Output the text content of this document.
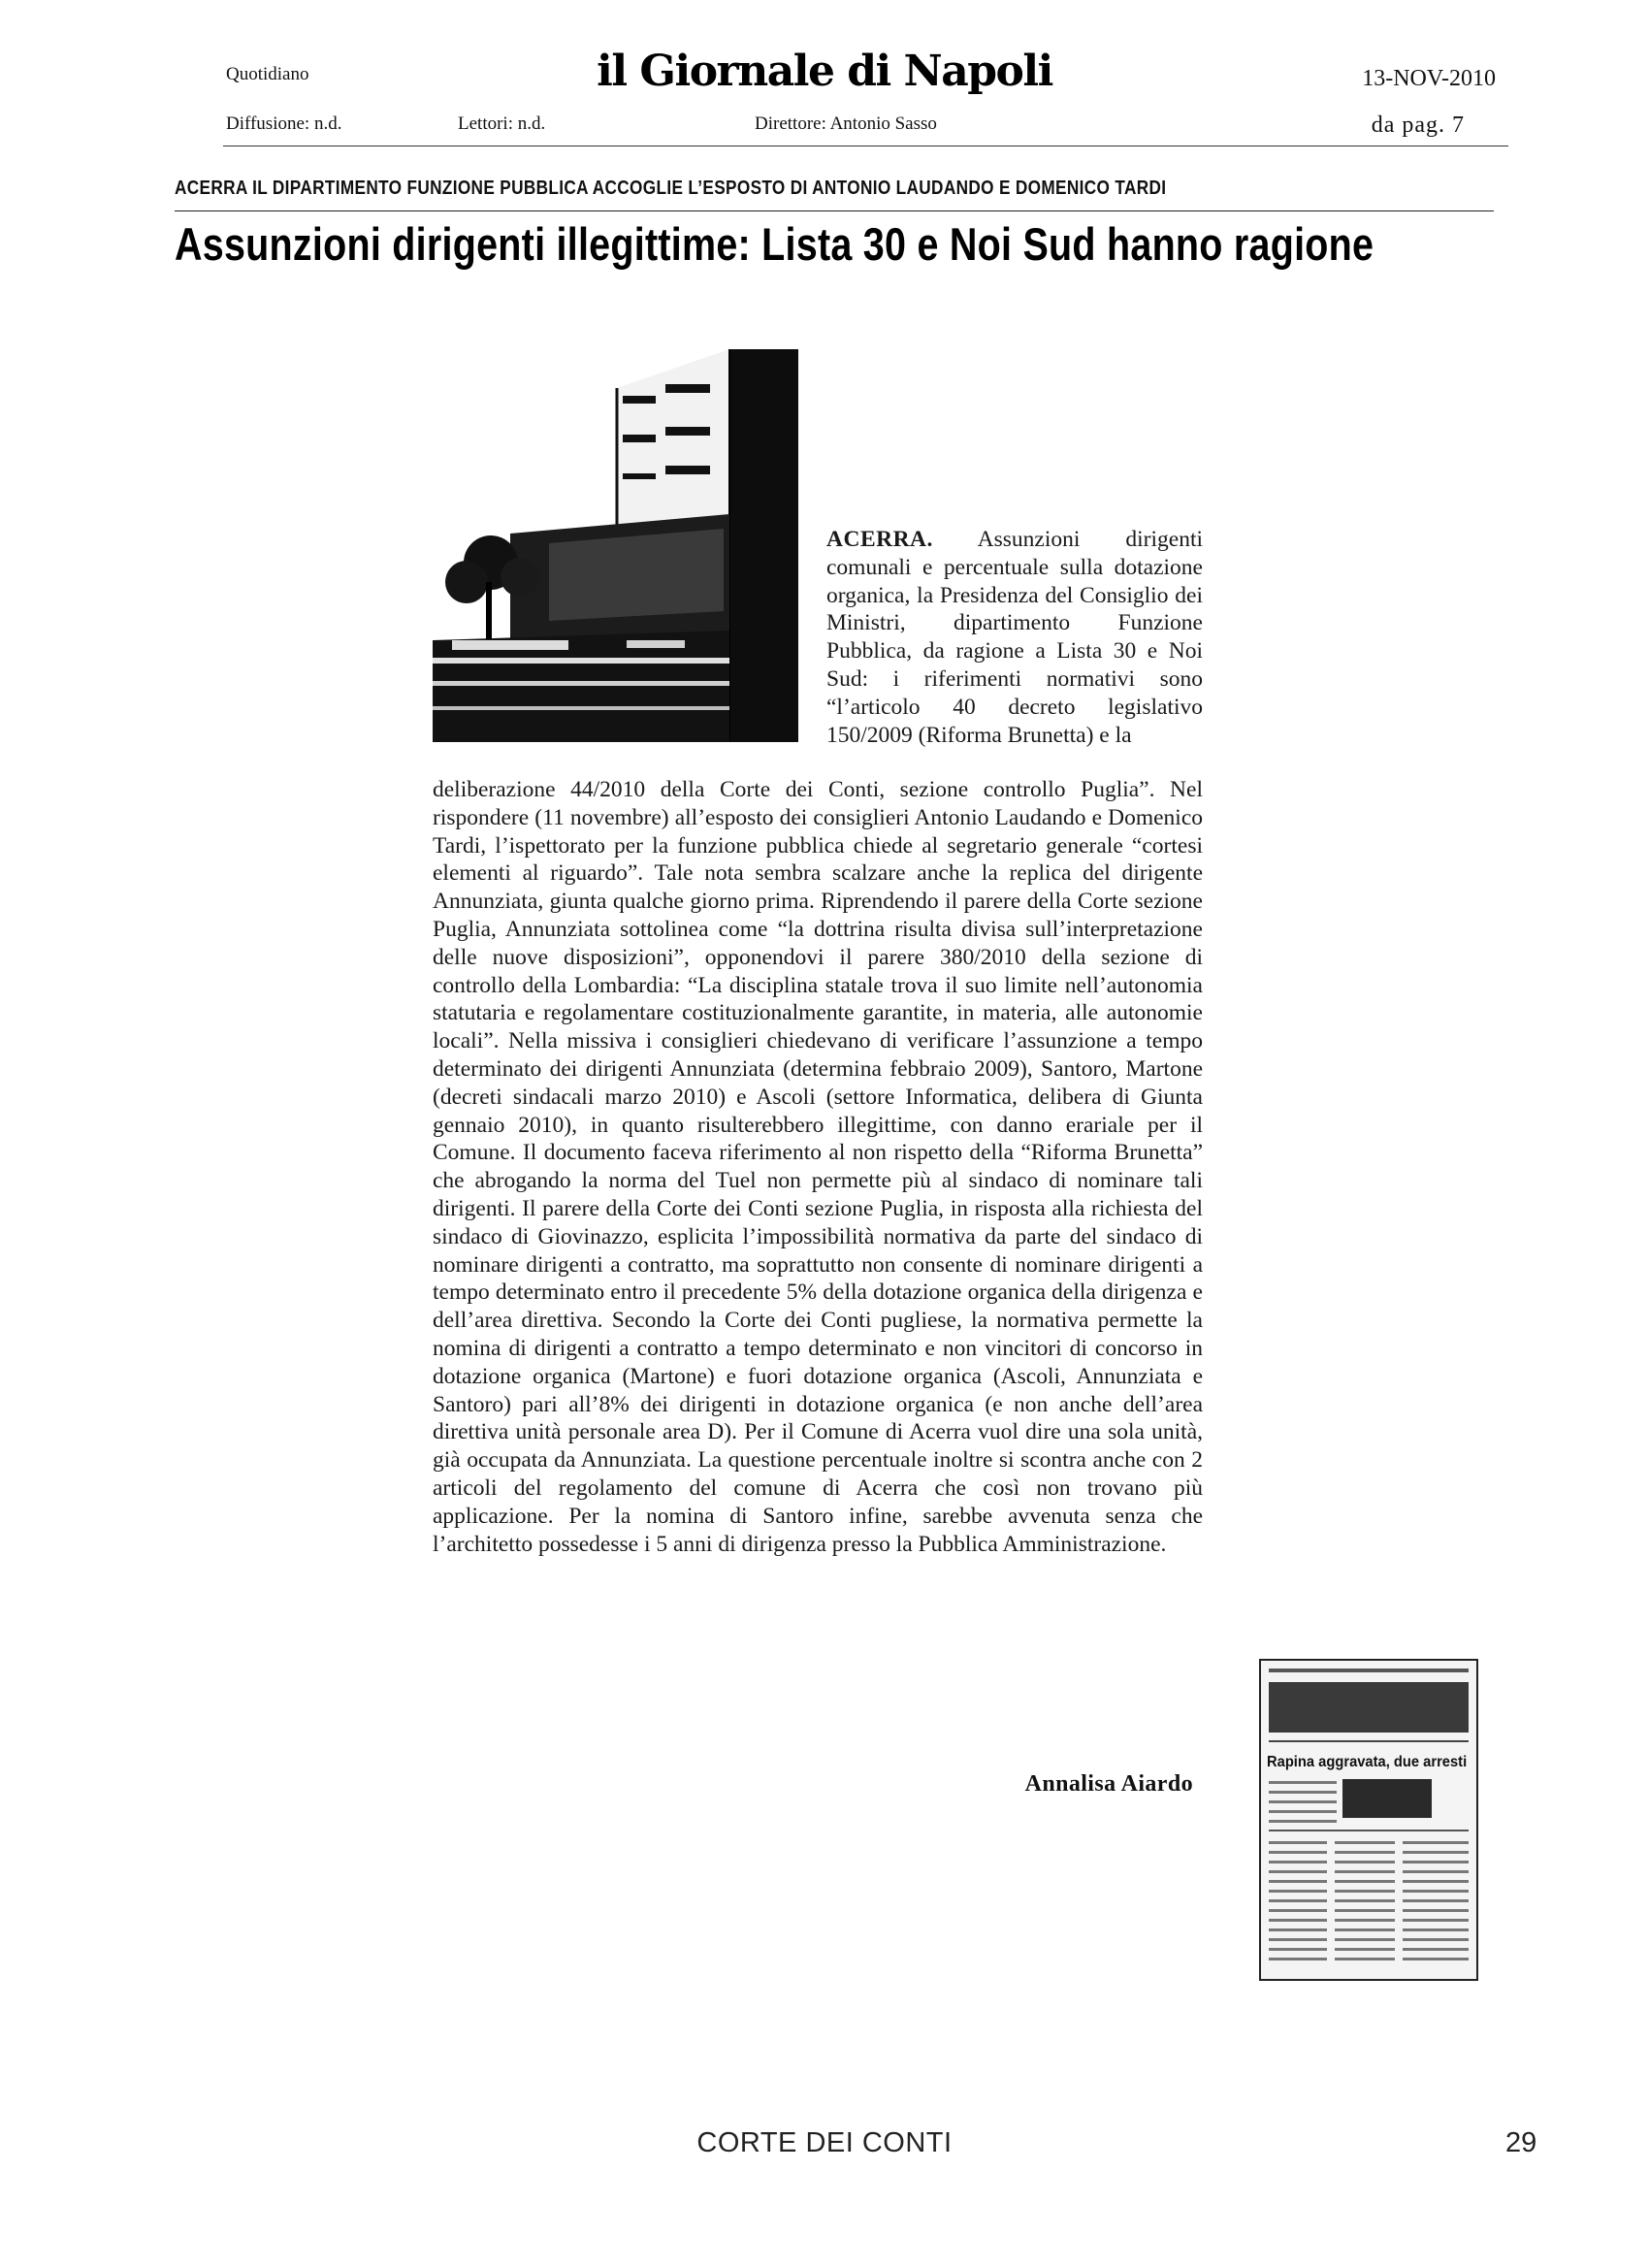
Quotidiano	il Giornale di Napoli	13-NOV-2010
Diffusione: n.d.	Lettori: n.d.	Direttore: Antonio Sasso	da pag. 7
ACERRA IL DIPARTIMENTO FUNZIONE PUBBLICA ACCOGLIE L’ESPOSTO DI ANTONIO LAUDANDO E DOMENICO TARDI
Assunzioni dirigenti illegittime: Lista 30 e Noi Sud hanno ragione
ACERRA. Assunzioni dirigenti comunali e percentuale sulla dotazione organica, la Presidenza del Consiglio dei Ministri, dipartimento Funzione Pubblica, da ragione a Lista 30 e Noi Sud: i riferimenti normativi sono “l’articolo 40 decreto legislativo 150/2009 (Riforma Brunetta) e la
deliberazione 44/2010 della Corte dei Conti, sezione controllo Puglia”. Nel rispondere (11 novembre) all’esposto dei consiglieri Antonio Laudando e Domenico Tardi, l’ispettorato per la funzione pubblica chiede al segretario generale “cortesi elementi al riguardo”. Tale nota sembra scalzare anche la replica del dirigente Annunziata, giunta qualche giorno prima. Riprendendo il parere della Corte sezione Puglia, Annunziata sottolinea come “la dottrina risulta divisa sull’interpretazione delle nuove disposizioni”, opponendovi il parere 380/2010 della sezione di controllo della Lombardia: “La disciplina statale trova il suo limite nell’autonomia statutaria e regolamentare costituzionalmente garantite, in materia, alle autonomie locali”. Nella missiva i consiglieri chiedevano di verificare l’assunzione a tempo determinato dei dirigenti Annunziata (determina febbraio 2009), Santoro, Martone (decreti sindacali marzo 2010) e Ascoli (settore Informatica, delibera di Giunta gennaio 2010), in quanto risulterebbero illegittime, con danno erariale per il Comune. Il documento faceva riferimento al non rispetto della “Riforma Brunetta” che abrogando la norma del Tuel non permette più al sindaco di nominare tali dirigenti. Il parere della Corte dei Conti sezione Puglia, in risposta alla richiesta del sindaco di Giovinazzo, esplicita l’impossibilità normativa da parte del sindaco di nominare dirigenti a contratto, ma soprattutto non consente di nominare dirigenti a tempo determinato entro il precedente 5% della dotazione organica della dirigenza e dell’area direttiva. Secondo la Corte dei Conti pugliese, la normativa permette la nomina di dirigenti a contratto a tempo determinato e non vincitori di concorso in dotazione organica (Martone) e fuori dotazione organica (Ascoli, Annunziata e Santoro) pari all’8% dei dirigenti in dotazione organica (e non anche dell’area direttiva unità personale area D). Per il Comune di Acerra vuol dire una sola unità, già occupata da Annunziata. La questione percentuale inoltre si scontra anche con 2 articoli del regolamento del comune di Acerra che così non trovano più applicazione. Per la nomina di Santoro infine, sarebbe avvenuta senza che l’architetto possedesse i 5 anni di dirigenza presso la Pubblica Amministrazione.
Annalisa Aiardo
Rapina aggravata, due arresti
CORTE DEI CONTI	29
